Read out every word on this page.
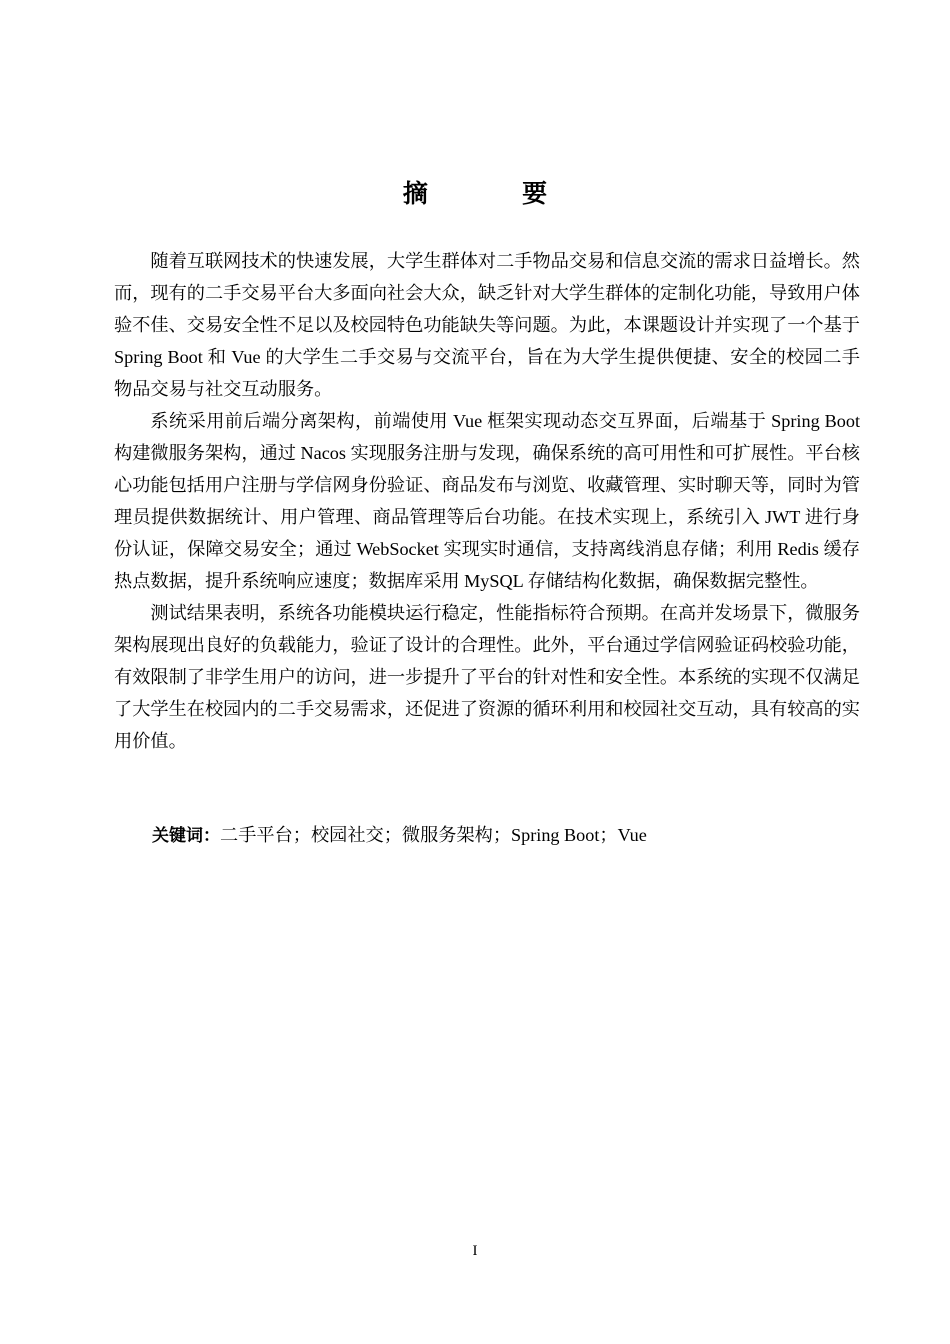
摘 要

随着互联网技术的快速发展，大学生群体对二手物品交易和信息交流的需求日益增长。然而，现有的二手交易平台大多面向社会大众，缺乏针对大学生群体的定制化功能，导致用户体验不佳、交易安全性不足以及校园特色功能缺失等问题。为此，本课题设计并实现了一个基于 Spring Boot 和 Vue 的大学生二手交易与交流平台，旨在为大学生提供便捷、安全的校园二手物品交易与社交互动服务。

系统采用前后端分离架构，前端使用 Vue 框架实现动态交互界面，后端基于 Spring Boot 构建微服务架构，通过 Nacos 实现服务注册与发现，确保系统的高可用性和可扩展性。平台核心功能包括用户注册与学信网身份验证、商品发布与浏览、收藏管理、实时聊天等，同时为管理员提供数据统计、用户管理、商品管理等后台功能。在技术实现上，系统引入 JWT 进行身份认证，保障交易安全；通过 WebSocket 实现实时通信，支持离线消息存储；利用 Redis 缓存热点数据，提升系统响应速度；数据库采用 MySQL 存储结构化数据，确保数据完整性。

测试结果表明，系统各功能模块运行稳定，性能指标符合预期。在高并发场景下，微服务架构展现出良好的负载能力，验证了设计的合理性。此外，平台通过学信网验证码校验功能，有效限制了非学生用户的访问，进一步提升了平台的针对性和安全性。本系统的实现不仅满足了大学生在校园内的二手交易需求，还促进了资源的循环利用和校园社交互动，具有较高的实用价值。

关键词：二手平台；校园社交；微服务架构；Spring Boot；Vue
I
